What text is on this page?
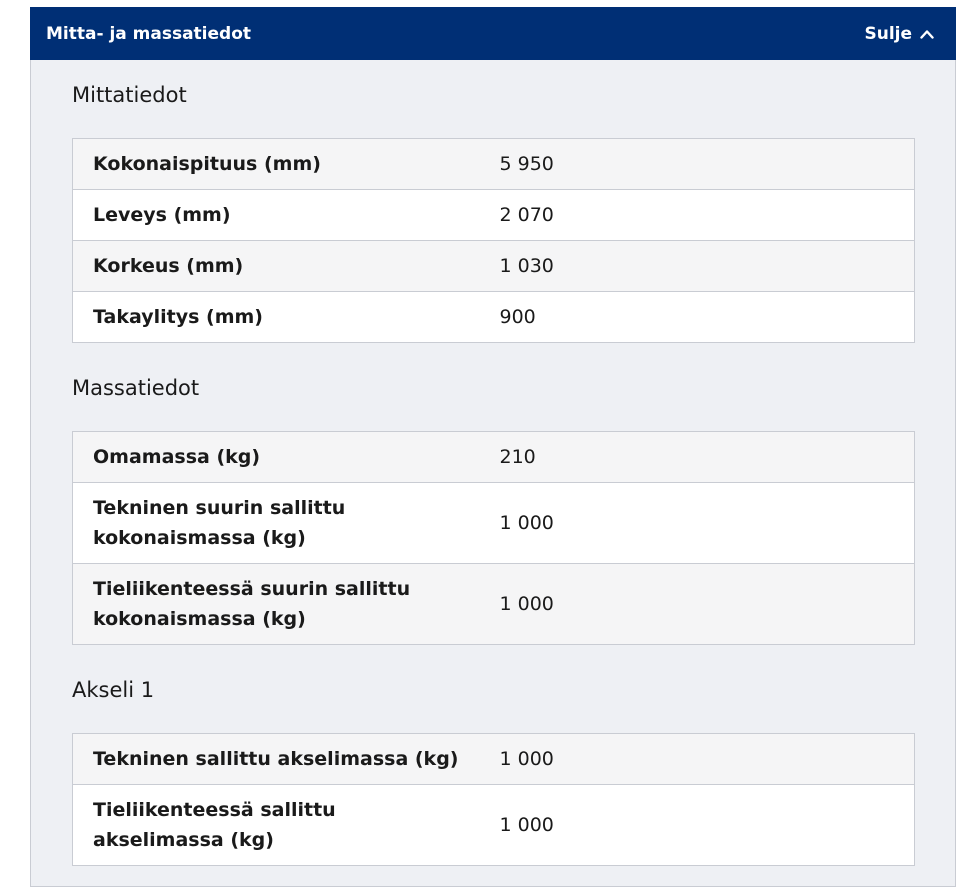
Mitta- ja massatiedot	Sulje
Mittatiedot
Kokonaispituus (mm)	5 950
Leveys (mm)	2 070
Korkeus (mm)	1 030
Takaylitys (mm)	900
Massatiedot
Omamassa (kg)	210
Tekninen suurin sallittu kokonaismassa (kg)	1 000
Tieliikenteessä suurin sallittu kokonaismassa (kg)	1 000
Akseli 1
Tekninen sallittu akselimassa (kg)	1 000
Tieliikenteessä sallittu akselimassa (kg)	1 000
